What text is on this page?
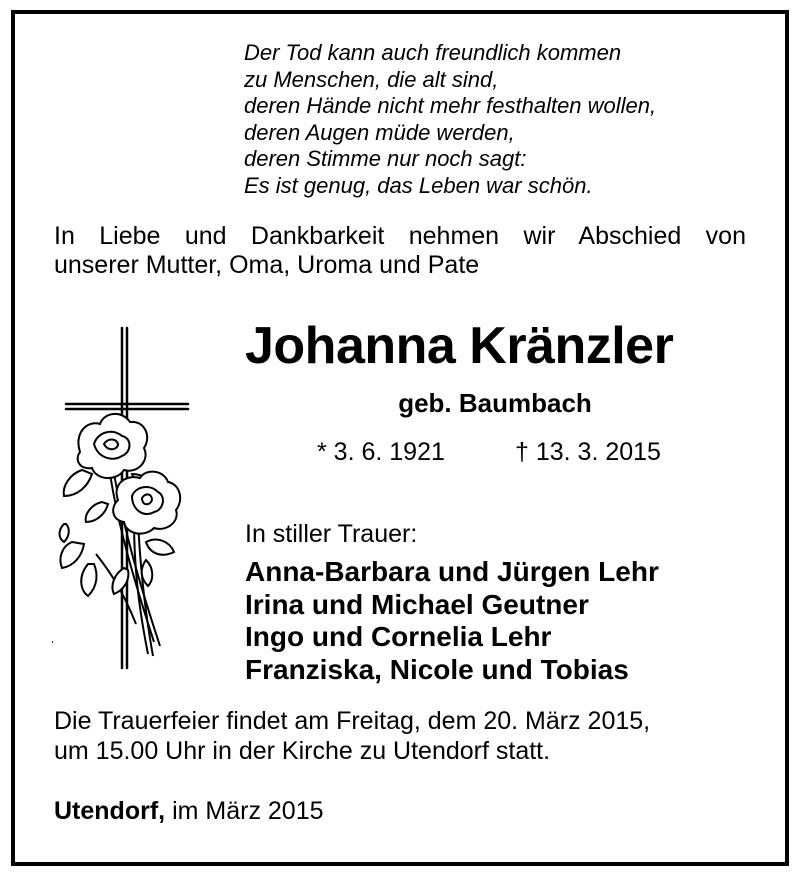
Der Tod kann auch freundlich kommen
zu Menschen, die alt sind,
deren Hände nicht mehr festhalten wollen,
deren Augen müde werden,
deren Stimme nur noch sagt:
Es ist genug, das Leben war schön.
In Liebe und Dankbarkeit nehmen wir Abschied von
unserer Mutter, Oma, Uroma und Pate
Johanna Kränzler
geb. Baumbach
* 3. 6. 1921	† 13. 3. 2015
In stiller Trauer:
Anna-Barbara und Jürgen Lehr
Irina und Michael Geutner
Ingo und Cornelia Lehr
Franziska, Nicole und Tobias
Die Trauerfeier findet am Freitag, dem 20. März 2015,
um 15.00 Uhr in der Kirche zu Utendorf statt.
Utendorf, im März 2015
